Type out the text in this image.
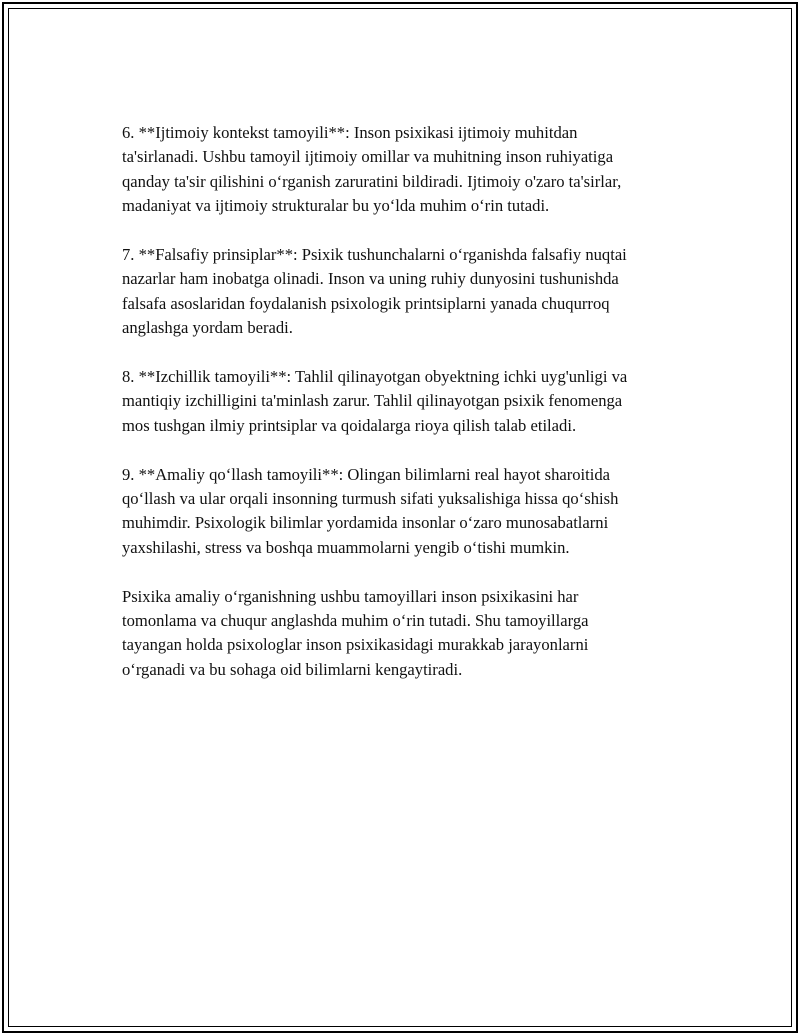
6. **Ijtimoiy kontekst tamoyili**: Inson psixikasi ijtimoiy muhitdan
ta'sirlanadi. Ushbu tamoyil ijtimoiy omillar va muhitning inson ruhiyatiga
qanday ta'sir qilishini o‘rganish zaruratini bildiradi. Ijtimoiy o'zaro ta'sirlar,
madaniyat va ijtimoiy strukturalar bu yo‘lda muhim o‘rin tutadi.

7. **Falsafiy prinsiplar**: Psixik tushunchalarni o‘rganishda falsafiy nuqtai
nazarlar ham inobatga olinadi. Inson va uning ruhiy dunyosini tushunishda
falsafa asoslaridan foydalanish psixologik printsiplarni yanada chuqurroq
anglashga yordam beradi.

8. **Izchillik tamoyili**: Tahlil qilinayotgan obyektning ichki uyg'unligi va
mantiqiy izchilligini ta'minlash zarur. Tahlil qilinayotgan psixik fenomenga
mos tushgan ilmiy printsiplar va qoidalarga rioya qilish talab etiladi.

9. **Amaliy qo‘llash tamoyili**: Olingan bilimlarni real hayot sharoitida
qo‘llash va ular orqali insonning turmush sifati yuksalishiga hissa qo‘shish
muhimdir. Psixologik bilimlar yordamida insonlar o‘zaro munosabatlarni
yaxshilashi, stress va boshqa muammolarni yengib o‘tishi mumkin.

Psixika amaliy o‘rganishning ushbu tamoyillari inson psixikasini har
tomonlama va chuqur anglashda muhim o‘rin tutadi. Shu tamoyillarga
tayangan holda psixologlar inson psixikasidagi murakkab jarayonlarni
o‘rganadi va bu sohaga oid bilimlarni kengaytiradi.
